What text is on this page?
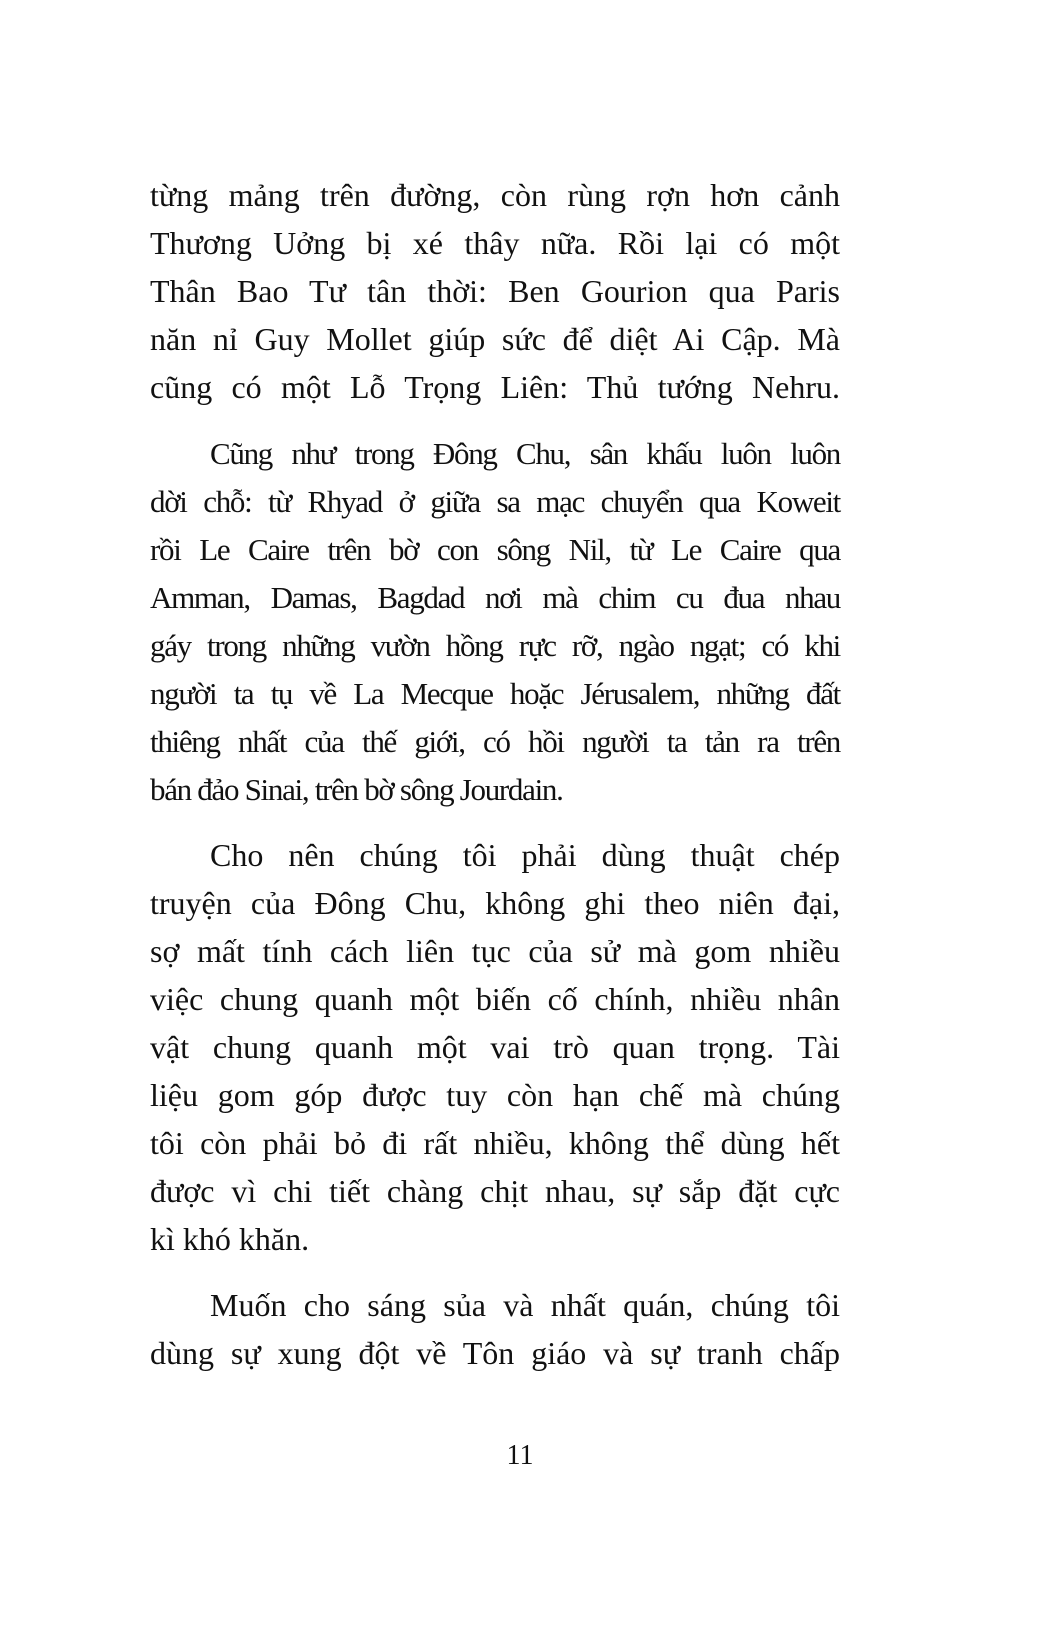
từng mảng trên đường, còn rùng rợn hơn cảnh
Thương Uởng bị xé thây nữa. Rồi lại có một
Thân Bao Tư tân thời: Ben Gourion qua Paris
năn nỉ Guy Mollet giúp sức để diệt Ai Cập. Mà
cũng có một Lỗ Trọng Liên: Thủ tướng Nehru.
Cũng như trong Đông Chu, sân khấu luôn luôn
dời chỗ: từ Rhyad ở giữa sa mạc chuyển qua Koweit
rồi Le Caire trên bờ con sông Nil, từ Le Caire qua
Amman, Damas, Bagdad nơi mà chim cu đua nhau
gáy trong những vườn hồng rực rỡ, ngào ngạt; có khi
người ta tụ về La Mecque hoặc Jérusalem, những đất
thiêng nhất của thế giới, có hồi người ta tản ra trên
bán đảo Sinai, trên bờ sông Jourdain.
Cho nên chúng tôi phải dùng thuật chép
truyện của Đông Chu, không ghi theo niên đại,
sợ mất tính cách liên tục của sử mà gom nhiều
việc chung quanh một biến cố chính, nhiều nhân
vật chung quanh một vai trò quan trọng. Tài
liệu gom góp được tuy còn hạn chế mà chúng
tôi còn phải bỏ đi rất nhiều, không thể dùng hết
được vì chi tiết chàng chịt nhau, sự sắp đặt cực
kì khó khăn.
Muốn cho sáng sủa và nhất quán, chúng tôi
dùng sự xung đột về Tôn giáo và sự tranh chấp
11
